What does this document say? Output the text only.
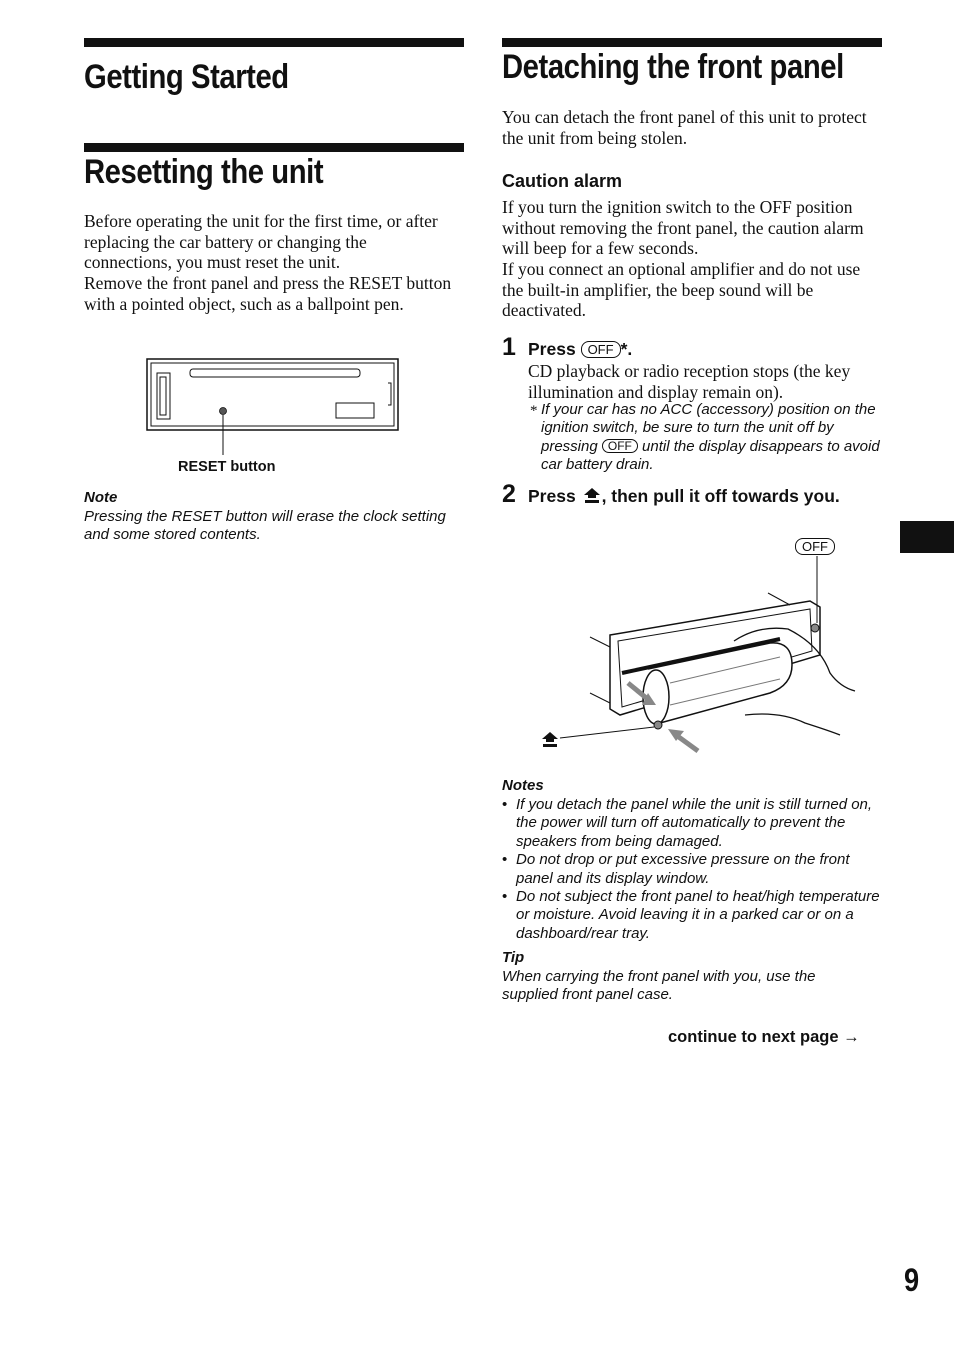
Getting Started
Resetting the unit

Before operating the unit for the first time, or after replacing the car battery or changing the connections, you must reset the unit.

Remove the front panel and press the RESET button with a pointed object, such as a ballpoint pen.

RESET button
Note

Pressing the RESET button will erase the clock setting and some stored contents.

Detaching the front panel

You can detach the front panel of this unit to protect the unit from being stolen.

Caution alarm

If you turn the ignition switch to the OFF position without removing the front panel, the caution alarm will beep for a few seconds.

If you connect an optional amplifier and do not use the built-in amplifier, the beep sound will be deactivated.

1 Press OFF *.

CD playback or radio reception stops (the key illumination and display remain on).

* If your car has no ACC (accessory) position on the ignition switch, be sure to turn the unit off by pressing OFF until the display disappears to avoid car battery drain.

2 Press , then pull it off towards you.
OFF
Notes
• If you detach the panel while the unit is still turned on, the power will turn off automatically to prevent the speakers from being damaged.
• Do not drop or put excessive pressure on the front panel and its display window.
• Do not subject the front panel to heat/high temperature or moisture. Avoid leaving it in a parked car or on a dashboard/rear tray.
Tip

When carrying the front panel with you, use the supplied front panel case.

continue to next page →
9
